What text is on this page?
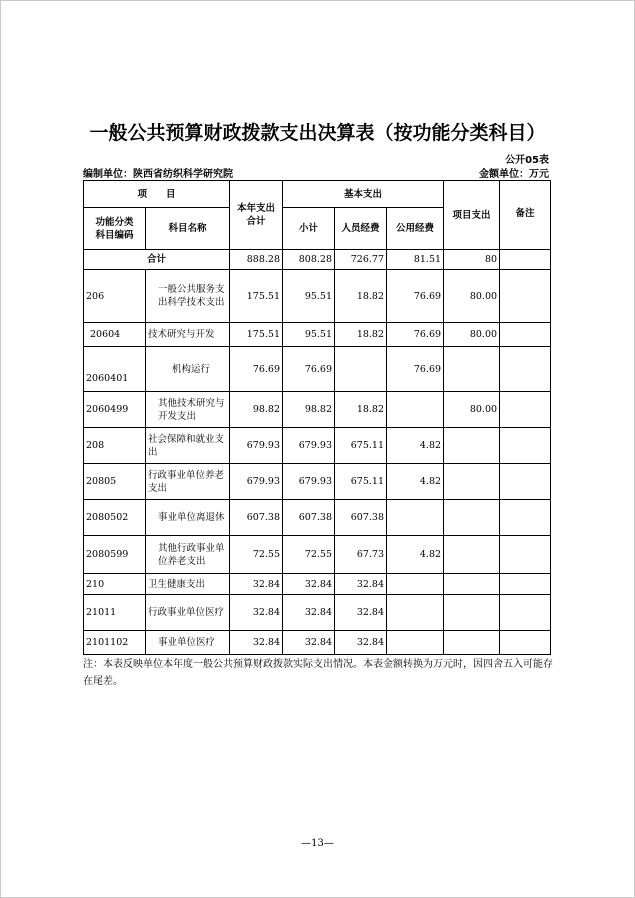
一般公共预算财政拨款支出决算表（按功能分类科目）
公开05表
编制单位：陕西省纺织科学研究院	金额单位：万元
项　　目		本年支出
合计	基本支出			项目支出	备注
功能分类
科目编码	科目名称		小计	人员经费	公用经费		
合计		888.28	808.28	726.77	81.51	80	
206	一般公共服务支出科学技术支出	175.51	95.51	18.82	76.69	80.00	
20604	技术研究与开发	175.51	95.51	18.82	76.69	80.00	
2060401	机构运行	76.69	76.69		76.69		
2060499	其他技术研究与开发支出	98.82	98.82	18.82		80.00	
208	社会保障和就业支出	679.93	679.93	675.11	4.82		
20805	行政事业单位养老支出	679.93	679.93	675.11	4.82		
2080502	事业单位离退休	607.38	607.38	607.38			
2080599	其他行政事业单位养老支出	72.55	72.55	67.73	4.82		
210	卫生健康支出	32.84	32.84	32.84			
21011	行政事业单位医疗	32.84	32.84	32.84			
2101102	事业单位医疗	32.84	32.84	32.84			
注：本表反映单位本年度一般公共预算财政拨款实际支出情况。本表金额转换为万元时，因四舍五入可能存在尾差。
—13—
